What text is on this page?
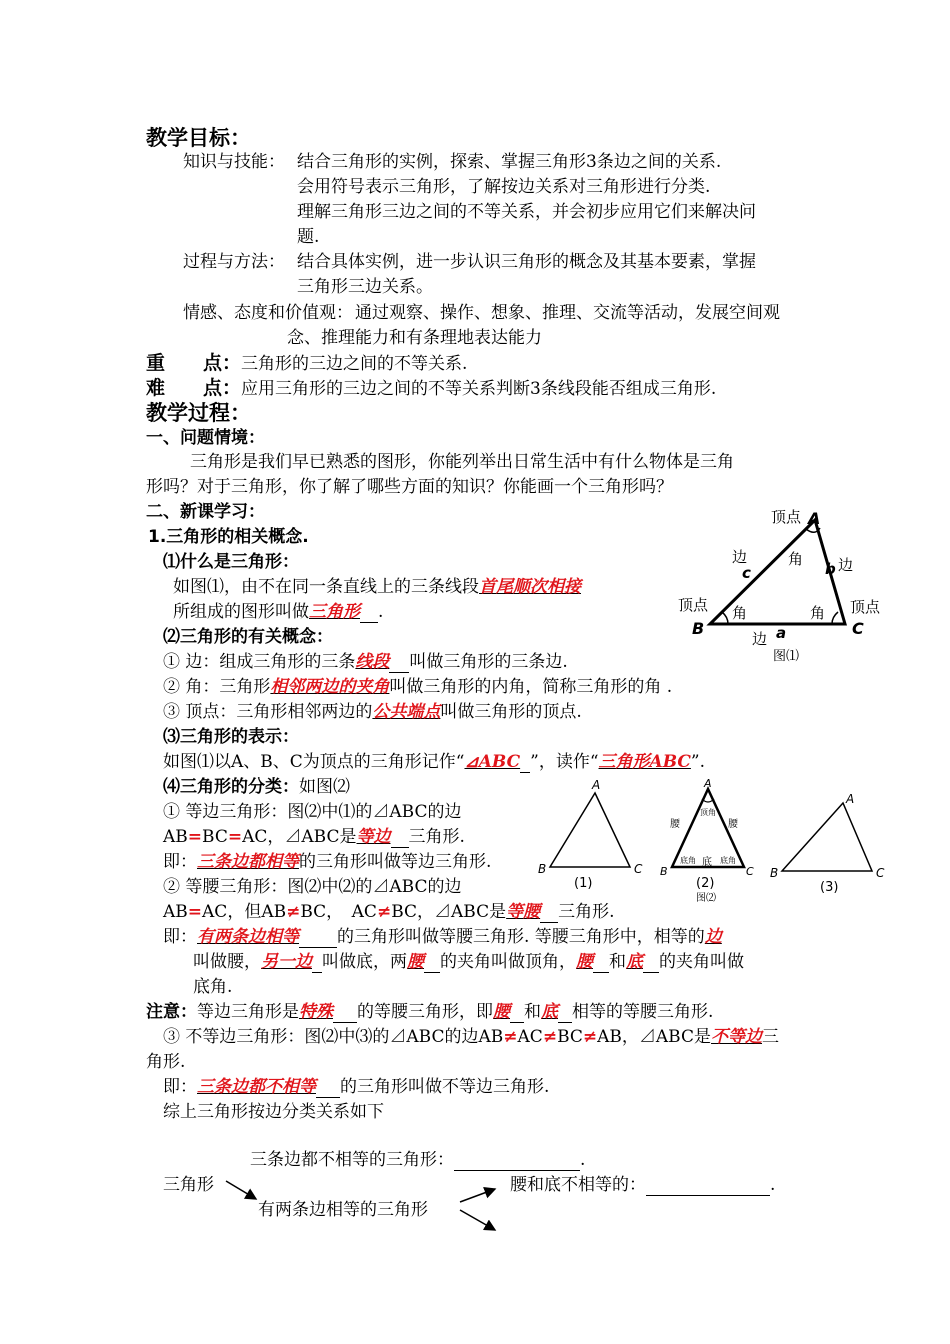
教学目标：
知识与技能： 结合三角形的实例，探索、掌握三角形3条边之间的关系.
会用符号表示三角形，了解按边关系对三角形进行分类.
理解三角形三边之间的不等关系，并会初步应用它们来解决问
题.
过程与方法： 结合具体实例，进一步认识三角形的概念及其基本要素，掌握
三角形三边关系。
情感、态度和价值观： 通过观察、操作、想象、推理、交流等活动，发展空间观
念、推理能力和有条理地表达能力
重　　点：三角形的三边之间的不等关系.
难　　点：应用三角形的三边之间的不等关系判断3条线段能否组成三角形.
教学过程：
一、问题情境：
三角形是我们早已熟悉的图形，你能列举出日常生活中有什么物体是三角
形吗？对于三角形，你了解了哪些方面的知识？你能画一个三角形吗？
二、新课学习：
1.三角形的相关概念.
⑴什么是三角形：
如图⑴，由不在同一条直线上的三条线段首尾顺次相接
所组成的图形叫做三角形 .
⑵三角形的有关概念：
① 边：组成三角形的三条线段 叫做三角形的三条边.
② 角：三角形相邻两边的夹角叫做三角形的内角，简称三角形的角 .
③ 顶点：三角形相邻两边的公共端点叫做三角形的顶点.
⑶三角形的表示：
如图⑴以A、B、C为顶点的三角形记作“⊿ABC ”，读作“三角形ABC”.
⑷三角形的分类：如图⑵
① 等边三角形：图⑵中⑴的⊿ABC的边
AB=BC=AC，⊿ABC是等边 三角形.
即：三条边都相等的三角形叫做等边三角形.
② 等腰三角形：图⑵中⑵的⊿ABC的边
AB=AC，但AB≠BC，　AC≠BC，⊿ABC是等腰 三角形.
即：有两条边相等 的三角形叫做等腰三角形. 等腰三角形中，相等的边
叫做腰，另一边 叫做底，两腰 的夹角叫做顶角，腰 和底 的夹角叫做
底角.
注意：等边三角形是特殊 的等腰三角形，即腰 和底 相等的等腰三角形.
③ 不等边三角形：图⑵中⑶的⊿ABC的边AB≠AC≠BC≠AB，⊿ABC是不等边三
角形.
即：三条边都不相等 的三角形叫做不等边三角形.
综上三角形按边分类关系如下
三条边都不相等的三角形：	.
三角形	腰和底不相等的：	.
有两条边相等的三角形
顶点 A
边
c
角
b 边
顶点 角	角 顶点
B	C
边 a
图⑴
A
B	C
(1)
A
顶角
腰	腰
底角 底 底角
B	C
(2)
图⑵
A
B	C
(3)
